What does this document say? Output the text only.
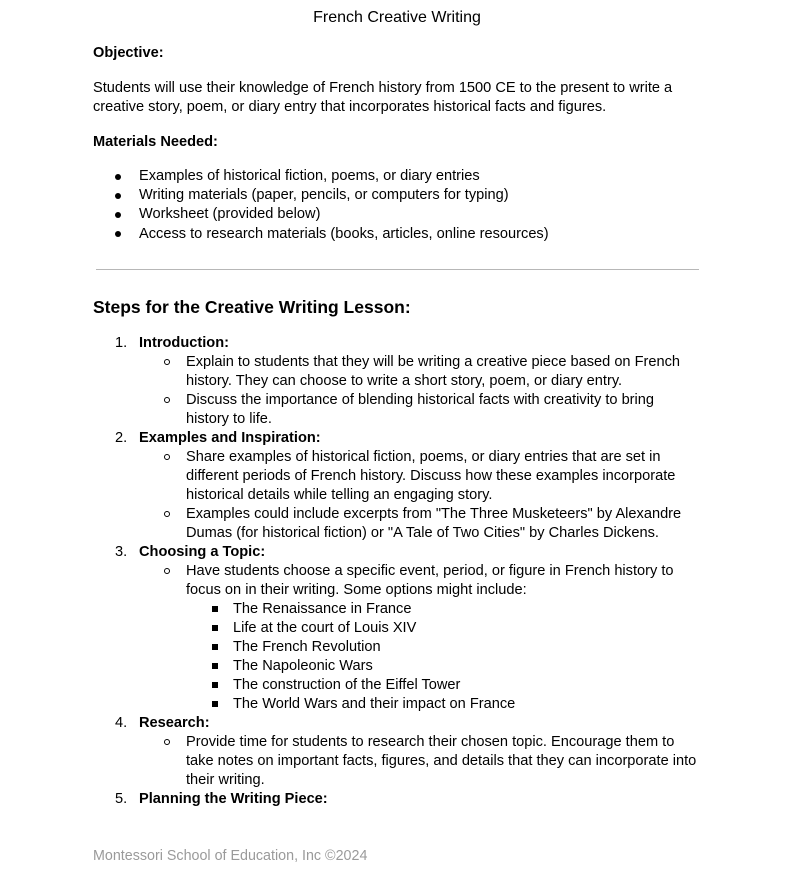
French Creative Writing
Objective:
Students will use their knowledge of French history from 1500 CE to the present to write a creative story, poem, or diary entry that incorporates historical facts and figures.
Materials Needed:
Examples of historical fiction, poems, or diary entries
Writing materials (paper, pencils, or computers for typing)
Worksheet (provided below)
Access to research materials (books, articles, online resources)
Steps for the Creative Writing Lesson:
1. Introduction:
Explain to students that they will be writing a creative piece based on French history. They can choose to write a short story, poem, or diary entry.
Discuss the importance of blending historical facts with creativity to bring history to life.
2. Examples and Inspiration:
Share examples of historical fiction, poems, or diary entries that are set in different periods of French history. Discuss how these examples incorporate historical details while telling an engaging story.
Examples could include excerpts from "The Three Musketeers" by Alexandre Dumas (for historical fiction) or "A Tale of Two Cities" by Charles Dickens.
3. Choosing a Topic:
Have students choose a specific event, period, or figure in French history to focus on in their writing. Some options might include:
The Renaissance in France
Life at the court of Louis XIV
The French Revolution
The Napoleonic Wars
The construction of the Eiffel Tower
The World Wars and their impact on France
4. Research:
Provide time for students to research their chosen topic. Encourage them to take notes on important facts, figures, and details that they can incorporate into their writing.
5. Planning the Writing Piece:
Montessori School of Education, Inc ©2024
